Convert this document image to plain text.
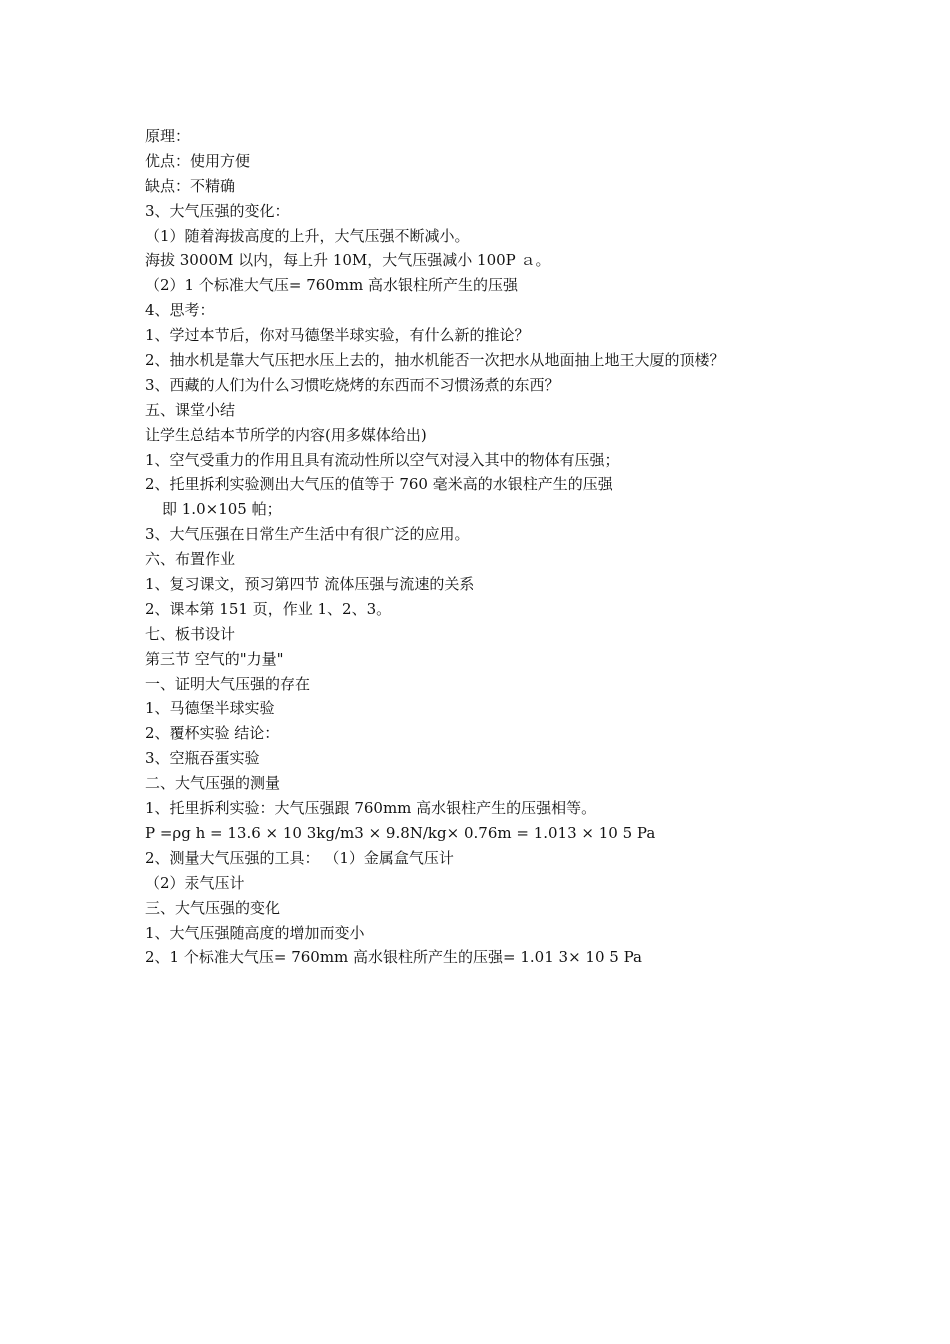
原理：
优点：使用方便
缺点：不精确
3、大气压强的变化：
（1）随着海拔高度的上升，大气压强不断减小。
海拔 3000M 以内，每上升 10M，大气压强减小 100P ａ。
（2）1 个标准大气压= 760mm 高水银柱所产生的压强
4、思考：
1、学过本节后，你对马德堡半球实验，有什么新的推论？
2、抽水机是靠大气压把水压上去的，抽水机能否一次把水从地面抽上地王大厦的顶楼？
3、西藏的人们为什么习惯吃烧烤的东西而不习惯汤煮的东西？
五、课堂小结
让学生总结本节所学的内容(用多媒体给出)
1、空气受重力的作用且具有流动性所以空气对浸入其中的物体有压强；
2、托里拆利实验测出大气压的值等于 760 毫米高的水银柱产生的压强
即 1.0×105 帕；
3、大气压强在日常生产生活中有很广泛的应用。
六、布置作业
1、复习课文，预习第四节 流体压强与流速的关系
2、课本第 151 页，作业 1、2、3。
七、板书设计
第三节 空气的"力量"
一、证明大气压强的存在
1、马德堡半球实验
2、覆杯实验 结论：
3、空瓶吞蛋实验
二、大气压强的测量
1、托里拆利实验：大气压强跟 760mm 高水银柱产生的压强相等。
P =ρg h = 13.6 × 10 3kg/m3 × 9.8N/kg× 0.76m = 1.013 × 10 5 Pa
2、测量大气压强的工具： （1）金属盒气压计
（2）汞气压计
三、大气压强的变化
1、大气压强随高度的增加而变小
2、1 个标准大气压= 760mm 高水银柱所产生的压强= 1.01 3× 10 5 Pa
